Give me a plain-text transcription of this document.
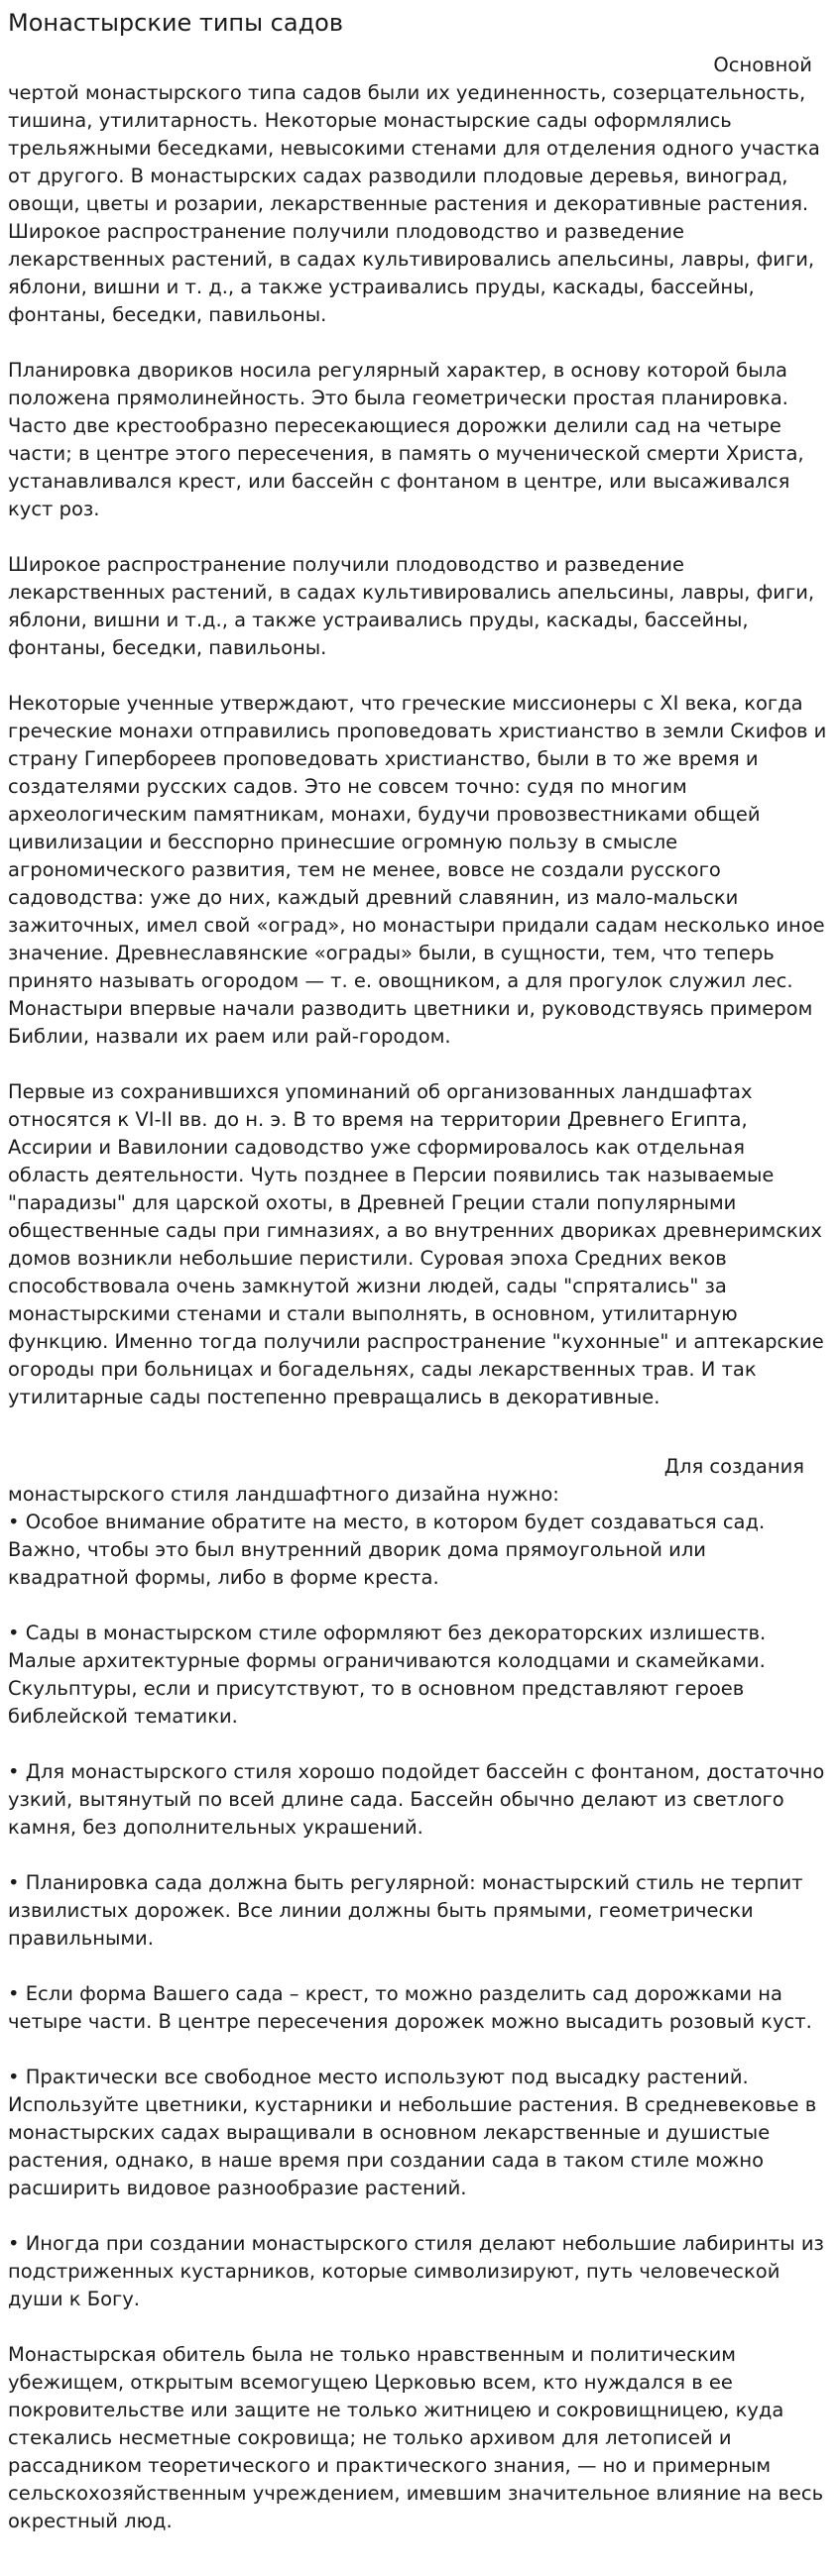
Монастырские типы садов

Основной
чертой монастырского типа садов были их уединенность, созерцательность, тишина, утилитарность. Некоторые монастырские сады оформлялись трельяжными беседками, невысокими стенами для отделения одного участка от другого. В монастырских садах разводили плодовые деревья, виноград, овощи, цветы и розарии, лекарственные растения и декоративные растения. Широкое распространение получили плодоводство и разведение лекарственных растений, в садах культивировались апельсины, лавры, фиги, яблони, вишни и т. д., а также устраивались пруды, каскады, бассейны, фонтаны, беседки, павильоны.

Планировка двориков носила регулярный характер, в основу которой была положена прямолинейность. Это была геометрически простая планировка. Часто две крестообразно пересекающиеся дорожки делили сад на четыре части; в центре этого пересечения, в память о мученической смерти Христа, устанавливался крест, или бассейн с фонтаном в центре, или высаживался куст роз.

Широкое распространение получили плодоводство и разведение лекарственных растений, в садах культивировались апельсины, лавры, фиги, яблони, вишни и т.д., а также устраивались пруды, каскады, бассейны, фонтаны, беседки, павильоны.

Некоторые ученные утверждают, что греческие миссионеры с XI века, когда греческие монахи отправились проповедовать христианство в земли Скифов и страну Гипербореев проповедовать христианство, были в то же время и создателями русских садов. Это не совсем точно: судя по многим археологическим памятникам, монахи, будучи провозвестниками общей цивилизации и бесспорно принесшие огромную пользу в смысле агрономического развития, тем не менее, вовсе не создали русского садоводства: уже до них, каждый древний славянин, из мало-мальски зажиточных, имел свой «оград», но монастыри придали садам несколько иное значение. Древнеславянские «ограды» были, в сущности, тем, что теперь принято называть огородом — т. е. овощником, а для прогулок служил лес. Монастыри впервые начали разводить цветники и, руководствуясь примером Библии, назвали их раем или рай-городом.

Первые из сохранившихся упоминаний об организованных ландшафтах относятся к VI-II вв. до н. э. В то время на территории Древнего Египта, Ассирии и Вавилонии садоводство уже сформировалось как отдельная область деятельности. Чуть позднее в Персии появились так называемые "парадизы" для царской охоты, в Древней Греции стали популярными общественные сады при гимназиях, а во внутренних двориках древнеримских домов возникли небольшие перистили. Суровая эпоха Средних веков способствовала очень замкнутой жизни людей, сады "спрятались" за монастырскими стенами и стали выполнять, в основном, утилитарную функцию. Именно тогда получили распространение "кухонные" и аптекарские огороды при больницах и богадельнях, сады лекарственных трав. И так утилитарные сады постепенно превращались в декоративные.

Для создания
монастырского стиля ландшафтного дизайна нужно:

• Особое внимание обратите на место, в котором будет создаваться сад. Важно, чтобы это был внутренний дворик дома прямоугольной или квадратной формы, либо в форме креста.

• Сады в монастырском стиле оформляют без декораторских излишеств. Малые архитектурные формы ограничиваются колодцами и скамейками. Скульптуры, если и присутствуют, то в основном представляют героев библейской тематики.

• Для монастырского стиля хорошо подойдет бассейн с фонтаном, достаточно узкий, вытянутый по всей длине сада. Бассейн обычно делают из светлого камня, без дополнительных украшений.

• Планировка сада должна быть регулярной: монастырский стиль не терпит извилистых дорожек. Все линии должны быть прямыми, геометрически правильными.

• Если форма Вашего сада – крест, то можно разделить сад дорожками на четыре части. В центре пересечения дорожек можно высадить розовый куст.

• Практически все свободное место используют под высадку растений. Используйте цветники, кустарники и небольшие растения. В средневековье в монастырских садах выращивали в основном лекарственные и душистые растения, однако, в наше время при создании сада в таком стиле можно расширить видовое разнообразие растений.

• Иногда при создании монастырского стиля делают небольшие лабиринты из подстриженных кустарников, которые символизируют, путь человеческой души к Богу.

Монастырская обитель была не только нравственным и политическим убежищем, открытым всемогущею Церковью всем, кто нуждался в ее покровительстве или защите не только житницею и сокровищницею, куда стекались несметные сокровища; не только архивом для летописей и рассадником теоретического и практического знания, — но и примерным сельскохозяйственным учреждением, имевшим значительное влияние на весь окрестный люд.
